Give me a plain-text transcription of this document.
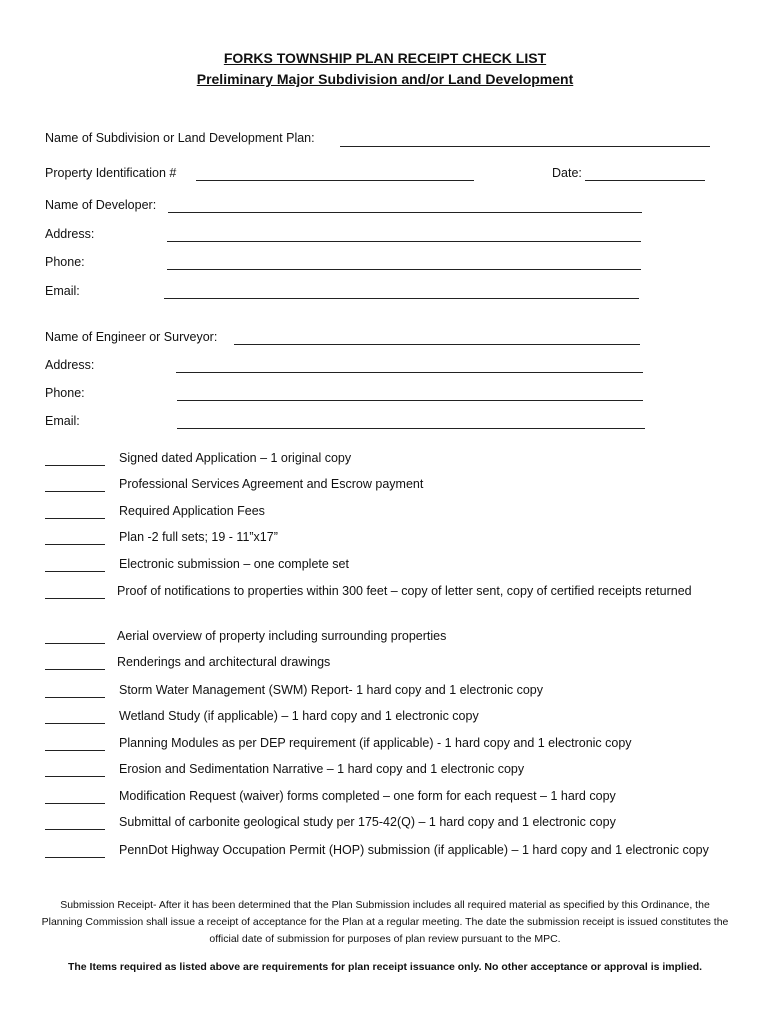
FORKS TOWNSHIP PLAN RECEIPT CHECK LIST
Preliminary Major Subdivision and/or Land Development
Name of Subdivision or Land Development Plan:
Property Identification #	Date:
Name of Developer:
Address:
Phone:
Email:
Name of Engineer or Surveyor:
Address:
Phone:
Email:
Signed dated Application – 1 original copy
Professional Services Agreement and Escrow payment
Required Application Fees
Plan -2 full sets; 19 - 11”x17”
Electronic submission – one complete set
Proof of notifications to properties within 300 feet – copy of letter sent, copy of certified receipts returned
Aerial overview of property including surrounding properties
Renderings and architectural drawings
Storm Water Management (SWM) Report- 1 hard copy and 1 electronic copy
Wetland Study (if applicable) – 1 hard copy and 1 electronic copy
Planning Modules as per DEP requirement (if applicable) - 1 hard copy and 1 electronic copy
Erosion and Sedimentation Narrative – 1 hard copy and 1 electronic copy
Modification Request (waiver) forms completed – one form for each request – 1 hard copy
Submittal of carbonite geological study per 175-42(Q) – 1 hard copy and 1 electronic copy
PennDot Highway Occupation Permit (HOP) submission (if applicable) – 1 hard copy and 1 electronic copy
Submission Receipt- After it has been determined that the Plan Submission includes all required material as specified by this Ordinance, the Planning Commission shall issue a receipt of acceptance for the Plan at a regular meeting. The date the submission receipt is issued constitutes the official date of submission for purposes of plan review pursuant to the MPC.
The Items required as listed above are requirements for plan receipt issuance only. No other acceptance or approval is implied.
